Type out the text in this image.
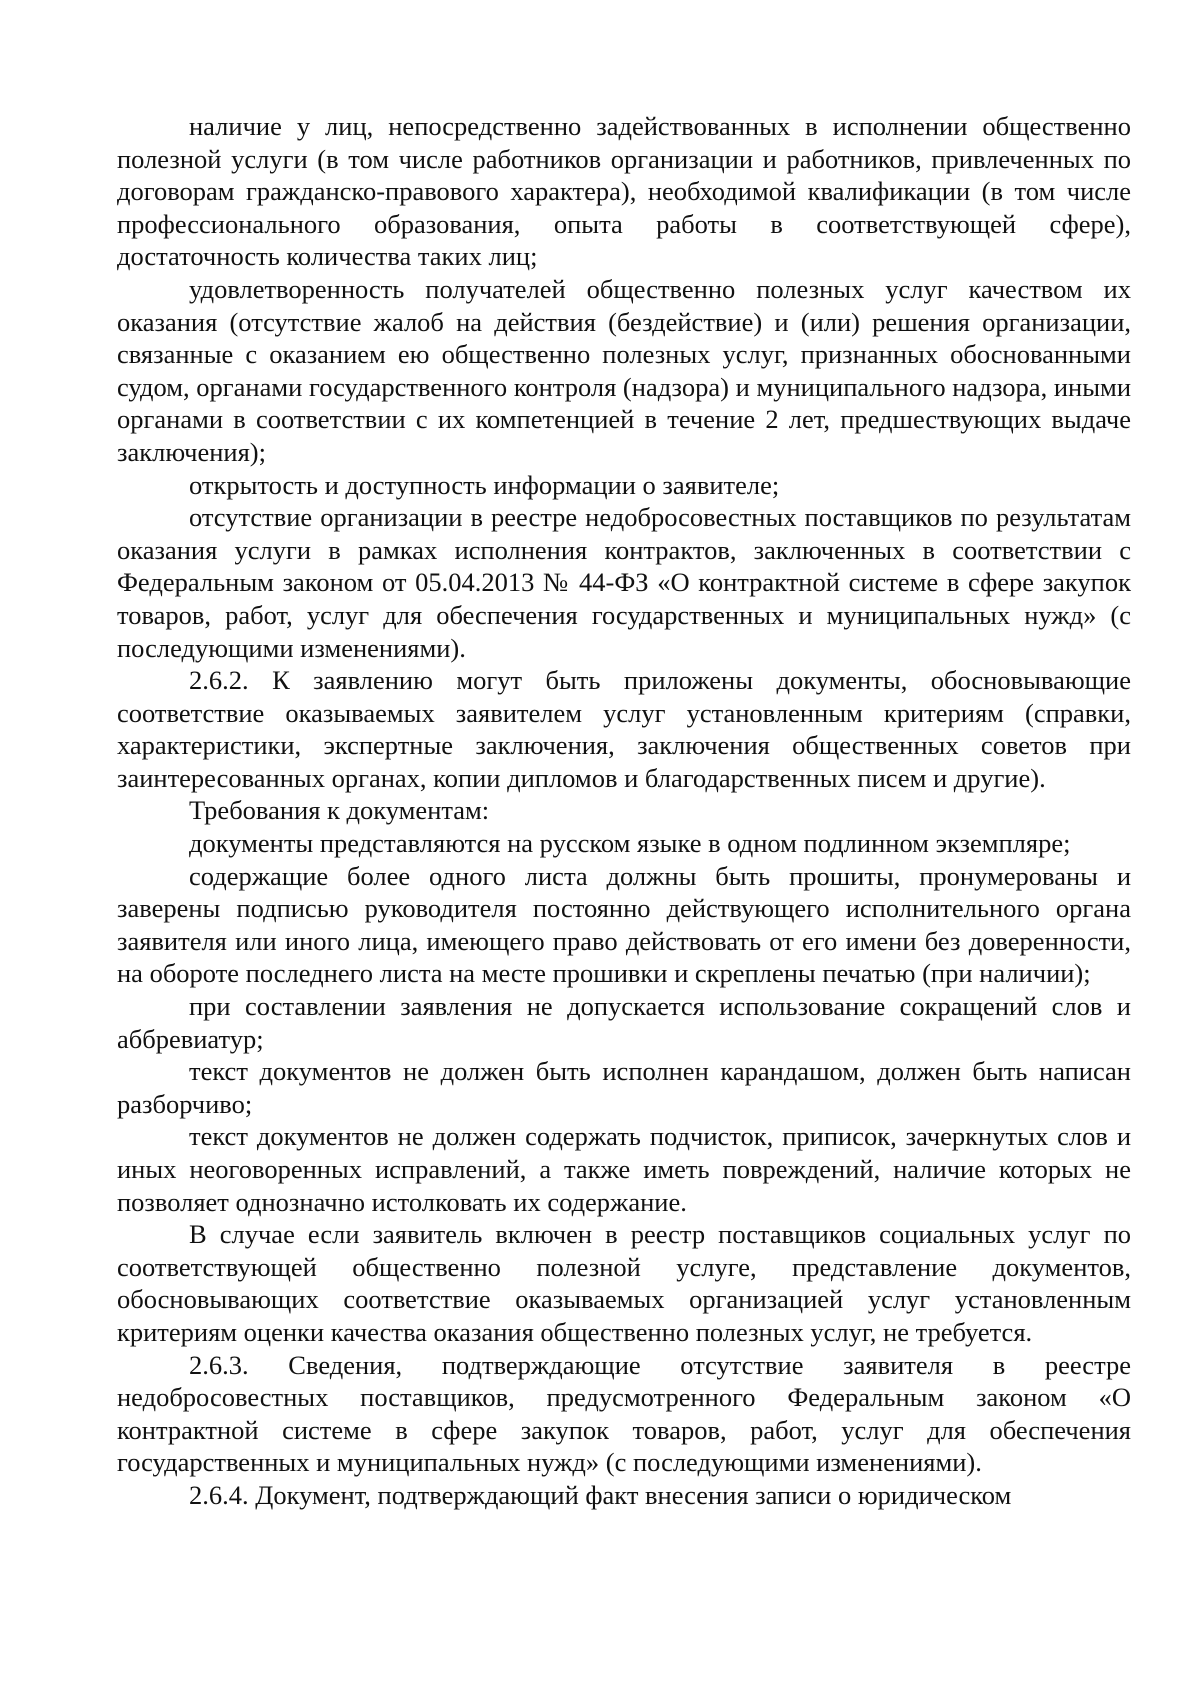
наличие у лиц, непосредственно задействованных в исполнении общественно полезной услуги (в том числе работников организации и работников, привлеченных по договорам гражданско-правового характера), необходимой квалификации (в том числе профессионального образования, опыта работы в соответствующей сфере), достаточность количества таких лиц;

удовлетворенность получателей общественно полезных услуг качеством их оказания (отсутствие жалоб на действия (бездействие) и (или) решения организации, связанные с оказанием ею общественно полезных услуг, признанных обоснованными судом, органами государственного контроля (надзора) и муниципального надзора, иными органами в соответствии с их компетенцией в течение 2 лет, предшествующих выдаче заключения);

открытость и доступность информации о заявителе;

отсутствие организации в реестре недобросовестных поставщиков по результатам оказания услуги в рамках исполнения контрактов, заключенных в соответствии с Федеральным законом от 05.04.2013 № 44-ФЗ «О контрактной системе в сфере закупок товаров, работ, услуг для обеспечения государственных и муниципальных нужд» (с последующими изменениями).

2.6.2. К заявлению могут быть приложены документы, обосновывающие соответствие оказываемых заявителем услуг установленным критериям (справки, характеристики, экспертные заключения, заключения общественных советов при заинтересованных органах, копии дипломов и благодарственных писем и другие).

Требования к документам:

документы представляются на русском языке в одном подлинном экземпляре;

содержащие более одного листа должны быть прошиты, пронумерованы и заверены подписью руководителя постоянно действующего исполнительного органа заявителя или иного лица, имеющего право действовать от его имени без доверенности, на обороте последнего листа на месте прошивки и скреплены печатью (при наличии);

при составлении заявления не допускается использование сокращений слов и аббревиатур;

текст документов не должен быть исполнен карандашом, должен быть написан разборчиво;

текст документов не должен содержать подчисток, приписок, зачеркнутых слов и иных неоговоренных исправлений, а также иметь повреждений, наличие которых не позволяет однозначно истолковать их содержание.

В случае если заявитель включен в реестр поставщиков социальных услуг по соответствующей общественно полезной услуге, представление документов, обосновывающих соответствие оказываемых организацией услуг установленным критериям оценки качества оказания общественно полезных услуг, не требуется.

2.6.3. Сведения, подтверждающие отсутствие заявителя в реестре недобросовестных поставщиков, предусмотренного Федеральным законом «О контрактной системе в сфере закупок товаров, работ, услуг для обеспечения государственных и муниципальных нужд» (с последующими изменениями).

2.6.4. Документ, подтверждающий факт внесения записи о юридическом
